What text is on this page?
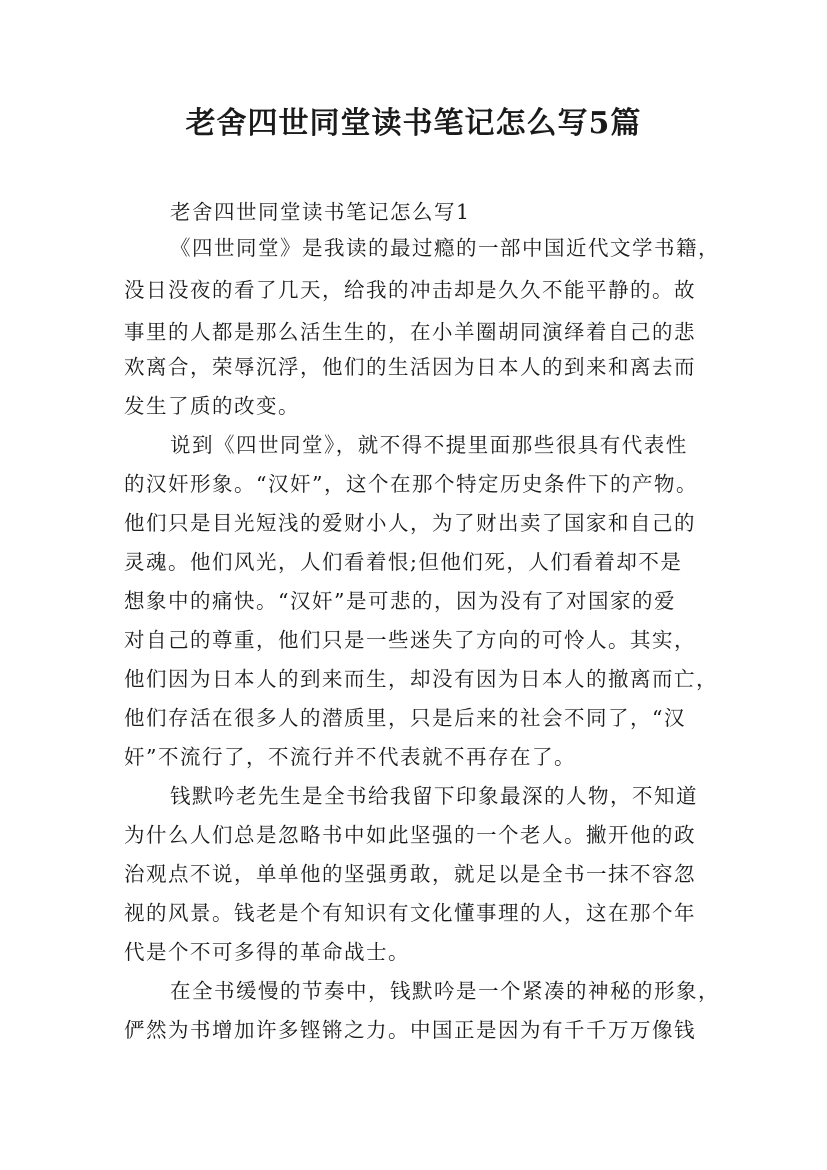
老舍四世同堂读书笔记怎么写5篇
老舍四世同堂读书笔记怎么写1
《四世同堂》是我读的最过瘾的一部中国近代文学书籍，
没日没夜的看了几天，给我的冲击却是久久不能平静的。故
事里的人都是那么活生生的，在小羊圈胡同演绎着自己的悲
欢离合，荣辱沉浮，他们的生活因为日本人的到来和离去而
发生了质的改变。
说到《四世同堂》，就不得不提里面那些很具有代表性
的汉奸形象。“汉奸”，这个在那个特定历史条件下的产物。
他们只是目光短浅的爱财小人，为了财出卖了国家和自己的
灵魂。他们风光，人们看着恨;但他们死，人们看着却不是
想象中的痛快。“汉奸”是可悲的，因为没有了对国家的爱
对自己的尊重，他们只是一些迷失了方向的可怜人。其实，
他们因为日本人的到来而生，却没有因为日本人的撤离而亡，
他们存活在很多人的潜质里，只是后来的社会不同了，“汉
奸”不流行了，不流行并不代表就不再存在了。
钱默吟老先生是全书给我留下印象最深的人物，不知道
为什么人们总是忽略书中如此坚强的一个老人。撇开他的政
治观点不说，单单他的坚强勇敢，就足以是全书一抹不容忽
视的风景。钱老是个有知识有文化懂事理的人，这在那个年
代是个不可多得的革命战士。
在全书缓慢的节奏中，钱默吟是一个紧凑的神秘的形象，
俨然为书增加许多铿锵之力。中国正是因为有千千万万像钱
